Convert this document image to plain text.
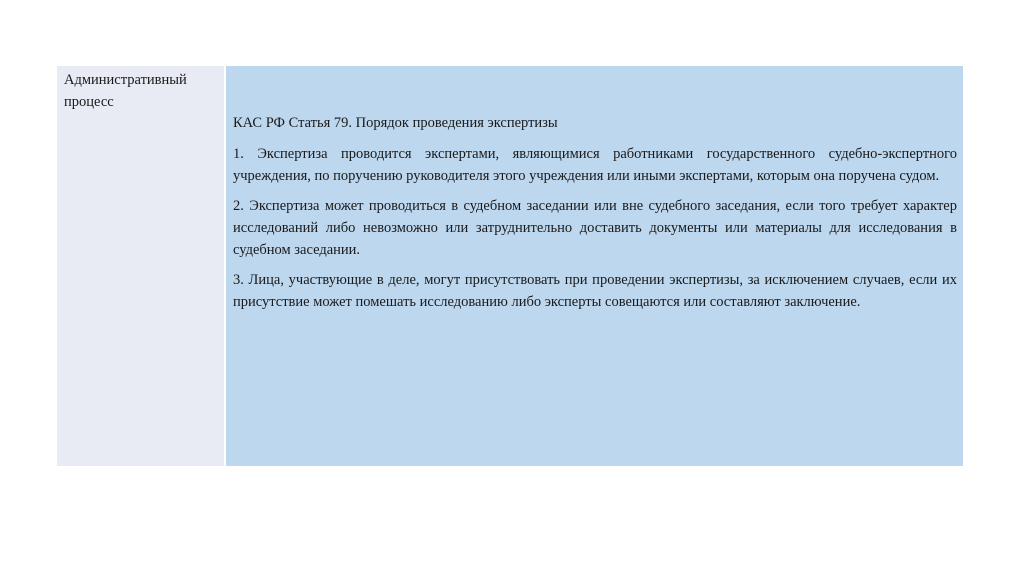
Административный процесс

КАС РФ Статья 79. Порядок проведения экспертизы

1. Экспертиза проводится экспертами, являющимися работниками государственного судебно-экспертного учреждения, по поручению руководителя этого учреждения или иными экспертами, которым она поручена судом.

2. Экспертиза может проводиться в судебном заседании или вне судебного заседания, если того требует характер исследований либо невозможно или затруднительно доставить документы или материалы для исследования в судебном заседании.

3. Лица, участвующие в деле, могут присутствовать при проведении экспертизы, за исключением случаев, если их присутствие может помешать исследованию либо эксперты совещаются или составляют заключение.
